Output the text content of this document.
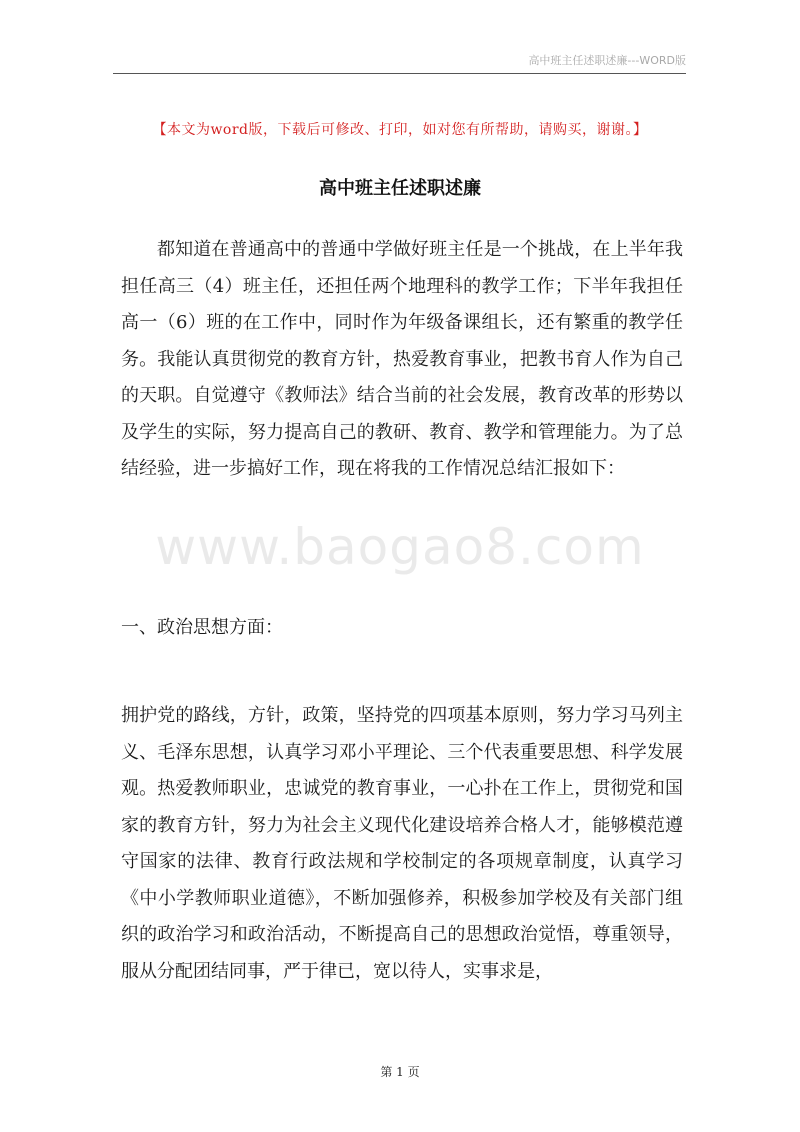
高中班主任述职述廉---WORD版
【本文为word版，下载后可修改、打印，如对您有所帮助，请购买，谢谢。】
高中班主任述职述廉

都知道在普通高中的普通中学做好班主任是一个挑战，在上半年我担任高三（4）班主任，还担任两个地理科的教学工作；下半年我担任高一（6）班的在工作中，同时作为年级备课组长，还有繁重的教学任务。我能认真贯彻党的教育方针，热爱教育事业，把教书育人作为自己的天职。自觉遵守《教师法》结合当前的社会发展，教育改革的形势以及学生的实际，努力提高自己的教研、教育、教学和管理能力。为了总结经验，进一步搞好工作，现在将我的工作情况总结汇报如下：

www.baogao8.com

一、政治思想方面：

拥护党的路线，方针，政策，坚持党的四项基本原则，努力学习马列主义、毛泽东思想，认真学习邓小平理论、三个代表重要思想、科学发展观。热爱教师职业，忠诚党的教育事业，一心扑在工作上，贯彻党和国家的教育方针，努力为社会主义现代化建设培养合格人才，能够模范遵守国家的法律、教育行政法规和学校制定的各项规章制度，认真学习《中小学教师职业道德》，不断加强修养，积极参加学校及有关部门组织的政治学习和政治活动，不断提高自己的思想政治觉悟，尊重领导，服从分配团结同事，严于律已，宽以待人，实事求是，

第 1 页
